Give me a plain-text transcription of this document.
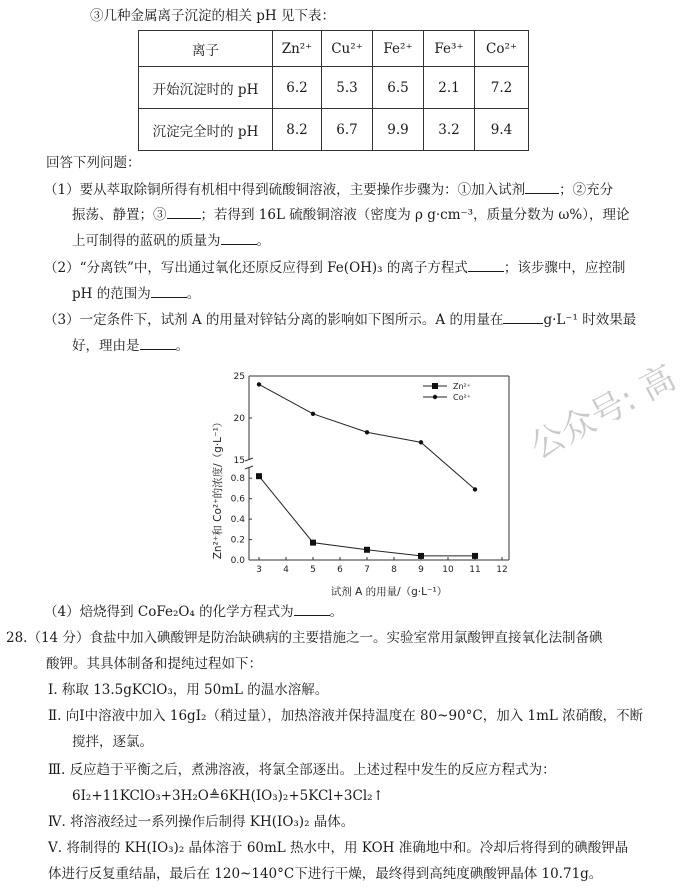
③几种金属离子沉淀的相关 pH 见下表：
离子	Zn²⁺	Cu²⁺	Fe²⁺	Fe³⁺	Co²⁺
开始沉淀时的 pH	6.2	5.3	6.5	2.1	7.2
沉淀完全时的 pH	8.2	6.7	9.9	3.2	9.4
回答下列问题：
（1）要从萃取除铜所得有机相中得到硫酸铜溶液，主要操作步骤为：①加入试剂	；②充分
振荡、静置；③	；若得到 16L 硫酸铜溶液（密度为 ρ g·cm⁻³，质量分数为 ω%），理论
上可制得的蓝矾的质量为	。
（2）“分离铁”中，写出通过氧化还原反应得到 Fe(OH)₃ 的离子方程式	；该步骤中，应控制
pH 的范围为	。
（3）一定条件下，试剂 A 的用量对锌钴分离的影响如下图所示。A 的用量在	g·L⁻¹ 时效果最
好，理由是	。
3 4 5 6 7 8 9 10 11 12
0.0
0.2
0.4
0.6
0.8
20
25
15
Zn²⁺
Co²⁺
Zn²⁺和 Co²⁺的浓度/（g·L⁻¹）
试剂 A 的用量/（g·L⁻¹）
公众号: 高
（4）焙烧得到 CoFe₂O₄ 的化学方程式为	。
28.（14 分）食盐中加入碘酸钾是防治缺碘病的主要措施之一。实验室常用氯酸钾直接氧化法制备碘
酸钾。其具体制备和提纯过程如下：
Ⅰ. 称取 13.5gKClO₃，用 50mL 的温水溶解。
Ⅱ. 向Ⅰ中溶液中加入 16gI₂（稍过量），加热溶液并保持温度在 80~90°C，加入 1mL 浓硝酸，不断
搅拌，逐氯。
Ⅲ. 反应趋于平衡之后，煮沸溶液，将氯全部逐出。上述过程中发生的反应方程式为：
6I₂+11KClO₃+3H₂O≜6KH(IO₃)₂+5KCl+3Cl₂↑
Ⅳ. 将溶液经过一系列操作后制得 KH(IO₃)₂ 晶体。
Ⅴ. 将制得的 KH(IO₃)₂ 晶体溶于 60mL 热水中，用 KOH 准确地中和。冷却后将得到的碘酸钾晶
体进行反复重结晶，最后在 120~140°C下进行干燥，最终得到高纯度碘酸钾晶体 10.71g。
